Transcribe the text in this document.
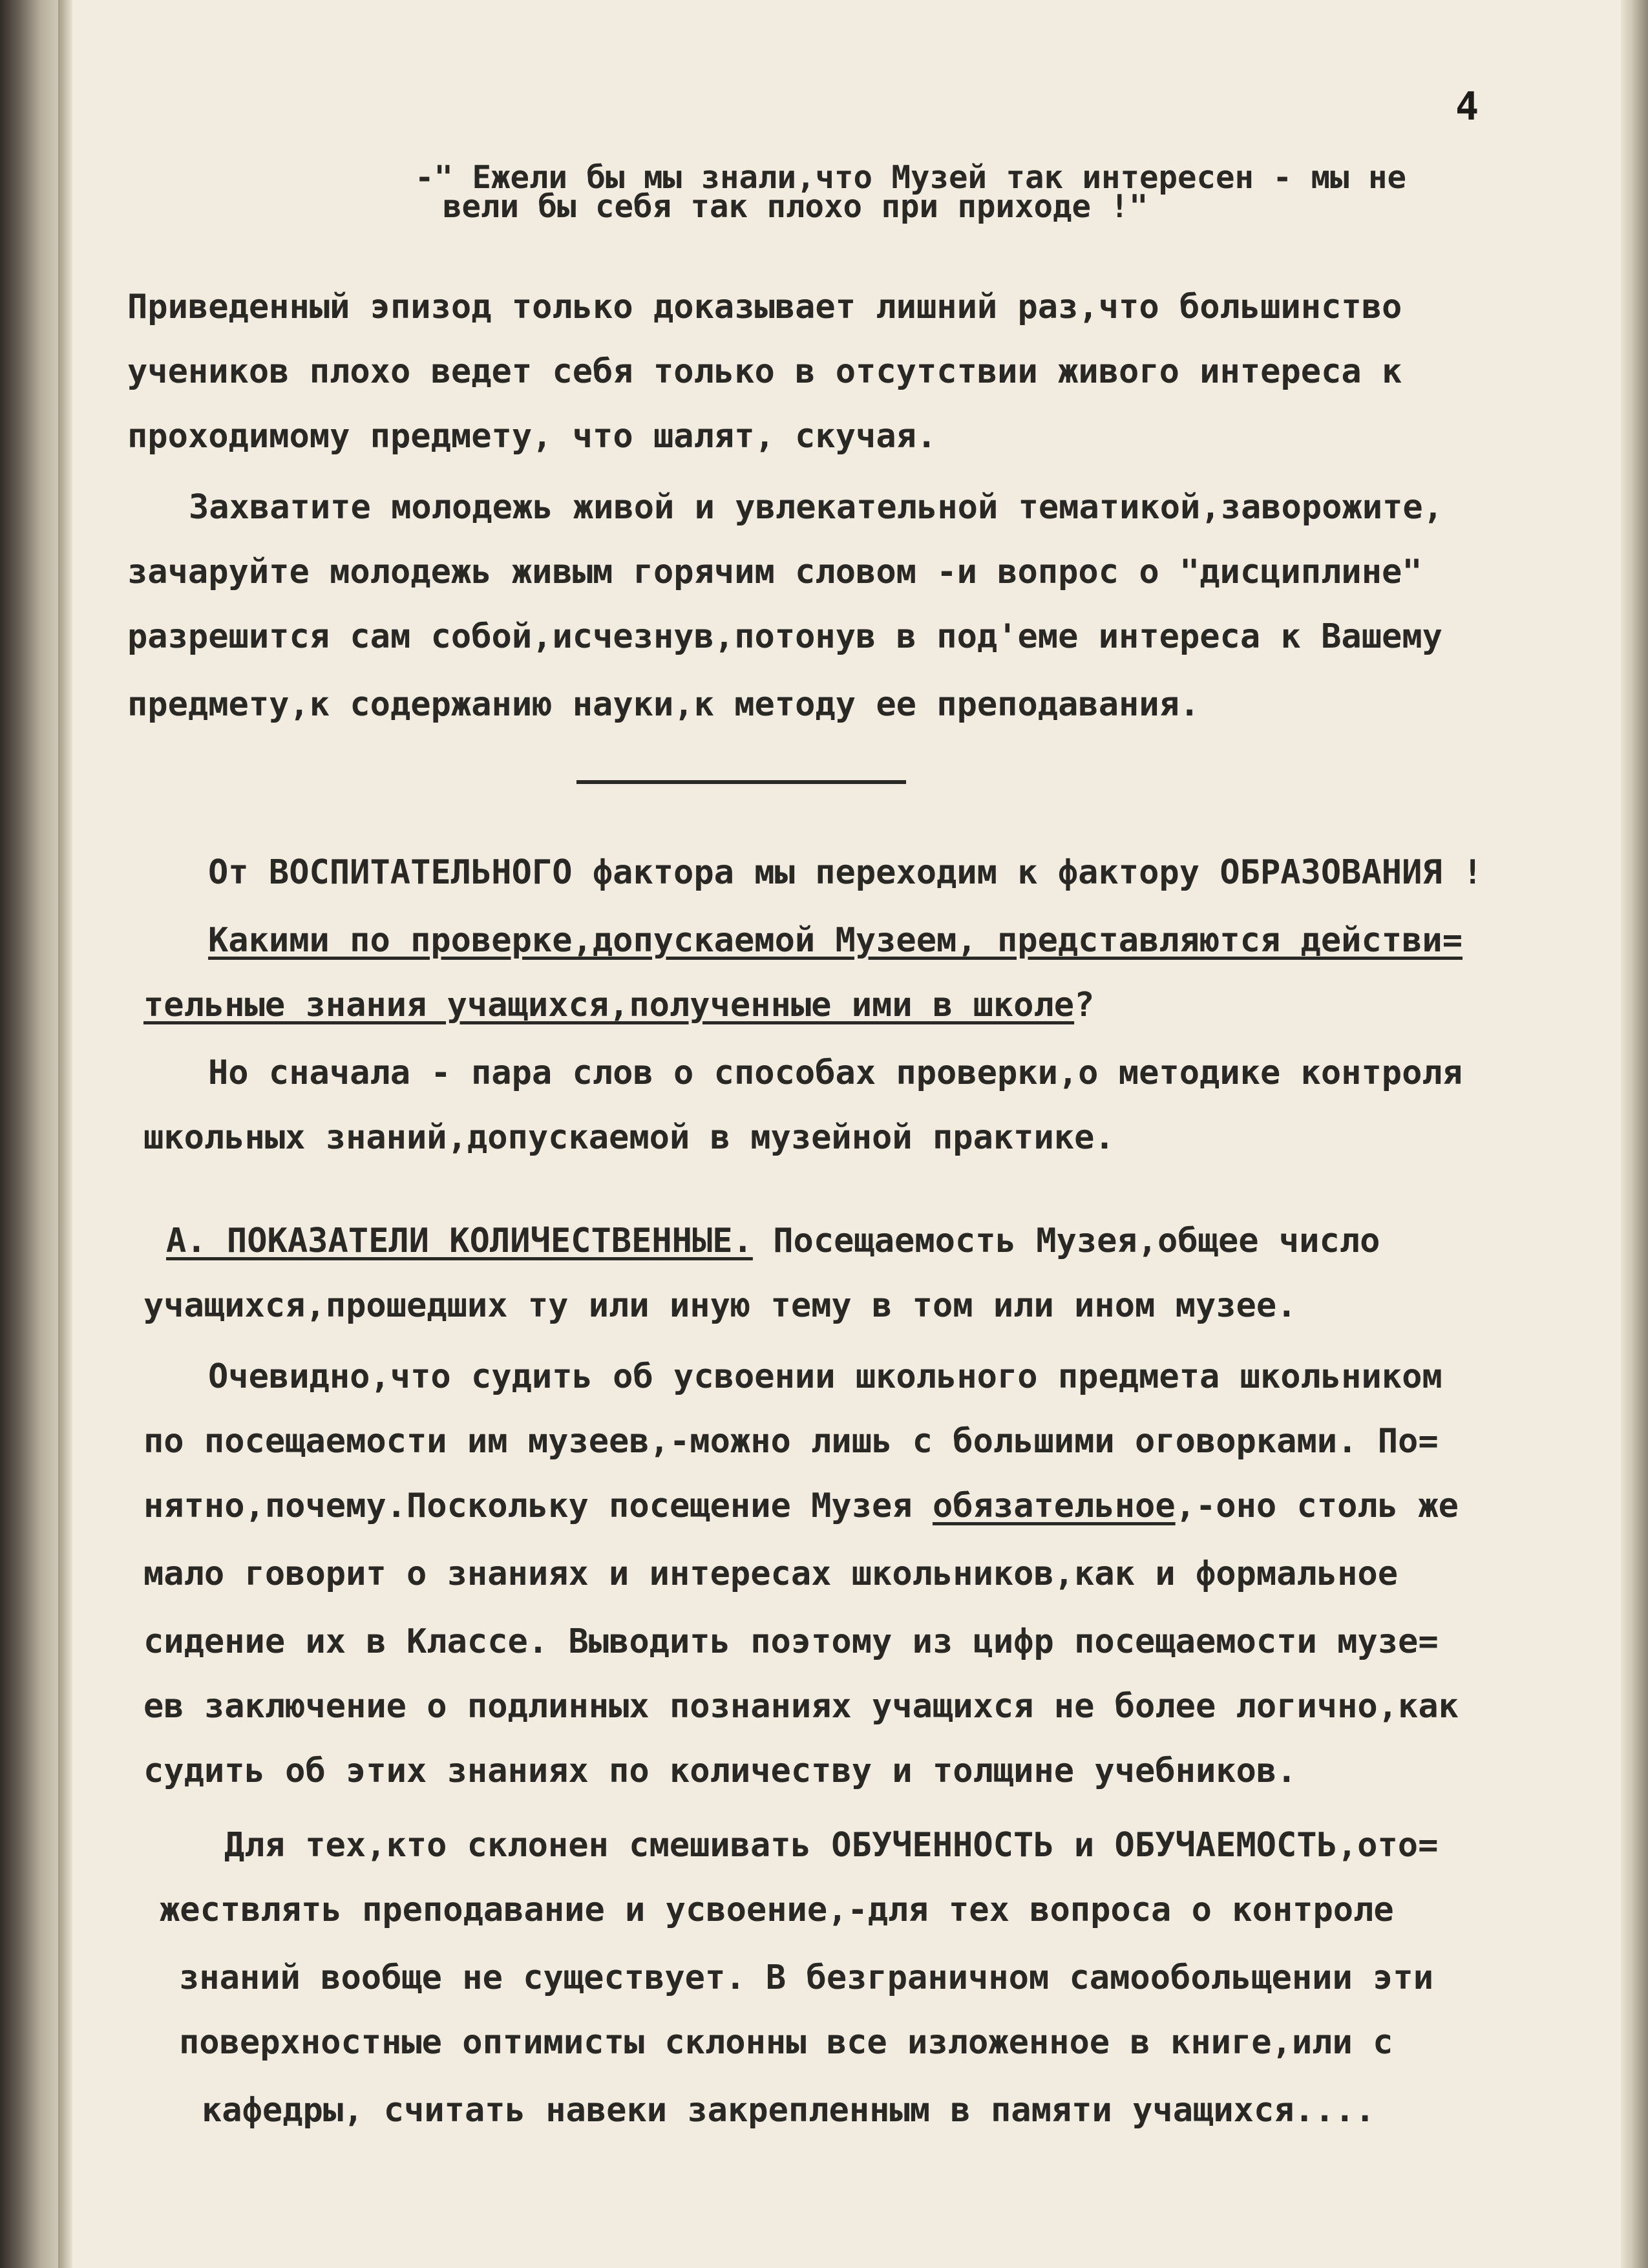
4
-" Ежели бы мы знали,что Музей так интересен - мы не
вели бы себя так плохо при приходе !"
Приведенный эпизод только доказывает лишний раз,что большинство
учеников плохо ведет себя только в отсутствии живого интереса к
проходимому предмету, что шалят, скучая.
Захватите молодежь живой и увлекательной тематикой,заворожите,
зачаруйте молодежь живым горячим словом -и вопрос о "дисциплине"
разрешится сам собой,исчезнув,потонув в под'еме интереса к Вашему
предмету,к содержанию науки,к методу ее преподавания.
От ВОСПИТАТЕЛЬНОГО фактора мы переходим к фактору ОБРАЗОВАНИЯ !
Какими по проверке,допускаемой Музеем, представляются действи=
тельные знания учащихся,полученные ими в школе?
Но сначала - пара слов о способах проверки,о методике контроля
школьных знаний,допускаемой в музейной практике.
А. ПОКАЗАТЕЛИ КОЛИЧЕСТВЕННЫЕ. Посещаемость Музея,общее число
учащихся,прошедших ту или иную тему в том или ином музее.
Очевидно,что судить об усвоении школьного предмета школьником
по посещаемости им музеев,-можно лишь с большими оговорками. По=
нятно,почему.Поскольку посещение Музея обязательное,-оно столь же
мало говорит о знаниях и интересах школьников,как и формальное
сидение их в Классе. Выводить поэтому из цифр посещаемости музе=
ев заключение о подлинных познаниях учащихся не более логично,как
судить об этих знаниях по количеству и толщине учебников.
Для тех,кто склонен смешивать ОБУЧЕННОСТЬ и ОБУЧАЕМОСТЬ,ото=
жествлять преподавание и усвоение,-для тех вопроса о контроле
знаний вообще не существует. В безграничном самообольщении эти
поверхностные оптимисты склонны все изложенное в книге,или с
кафедры, считать навеки закрепленным в памяти учащихся....
